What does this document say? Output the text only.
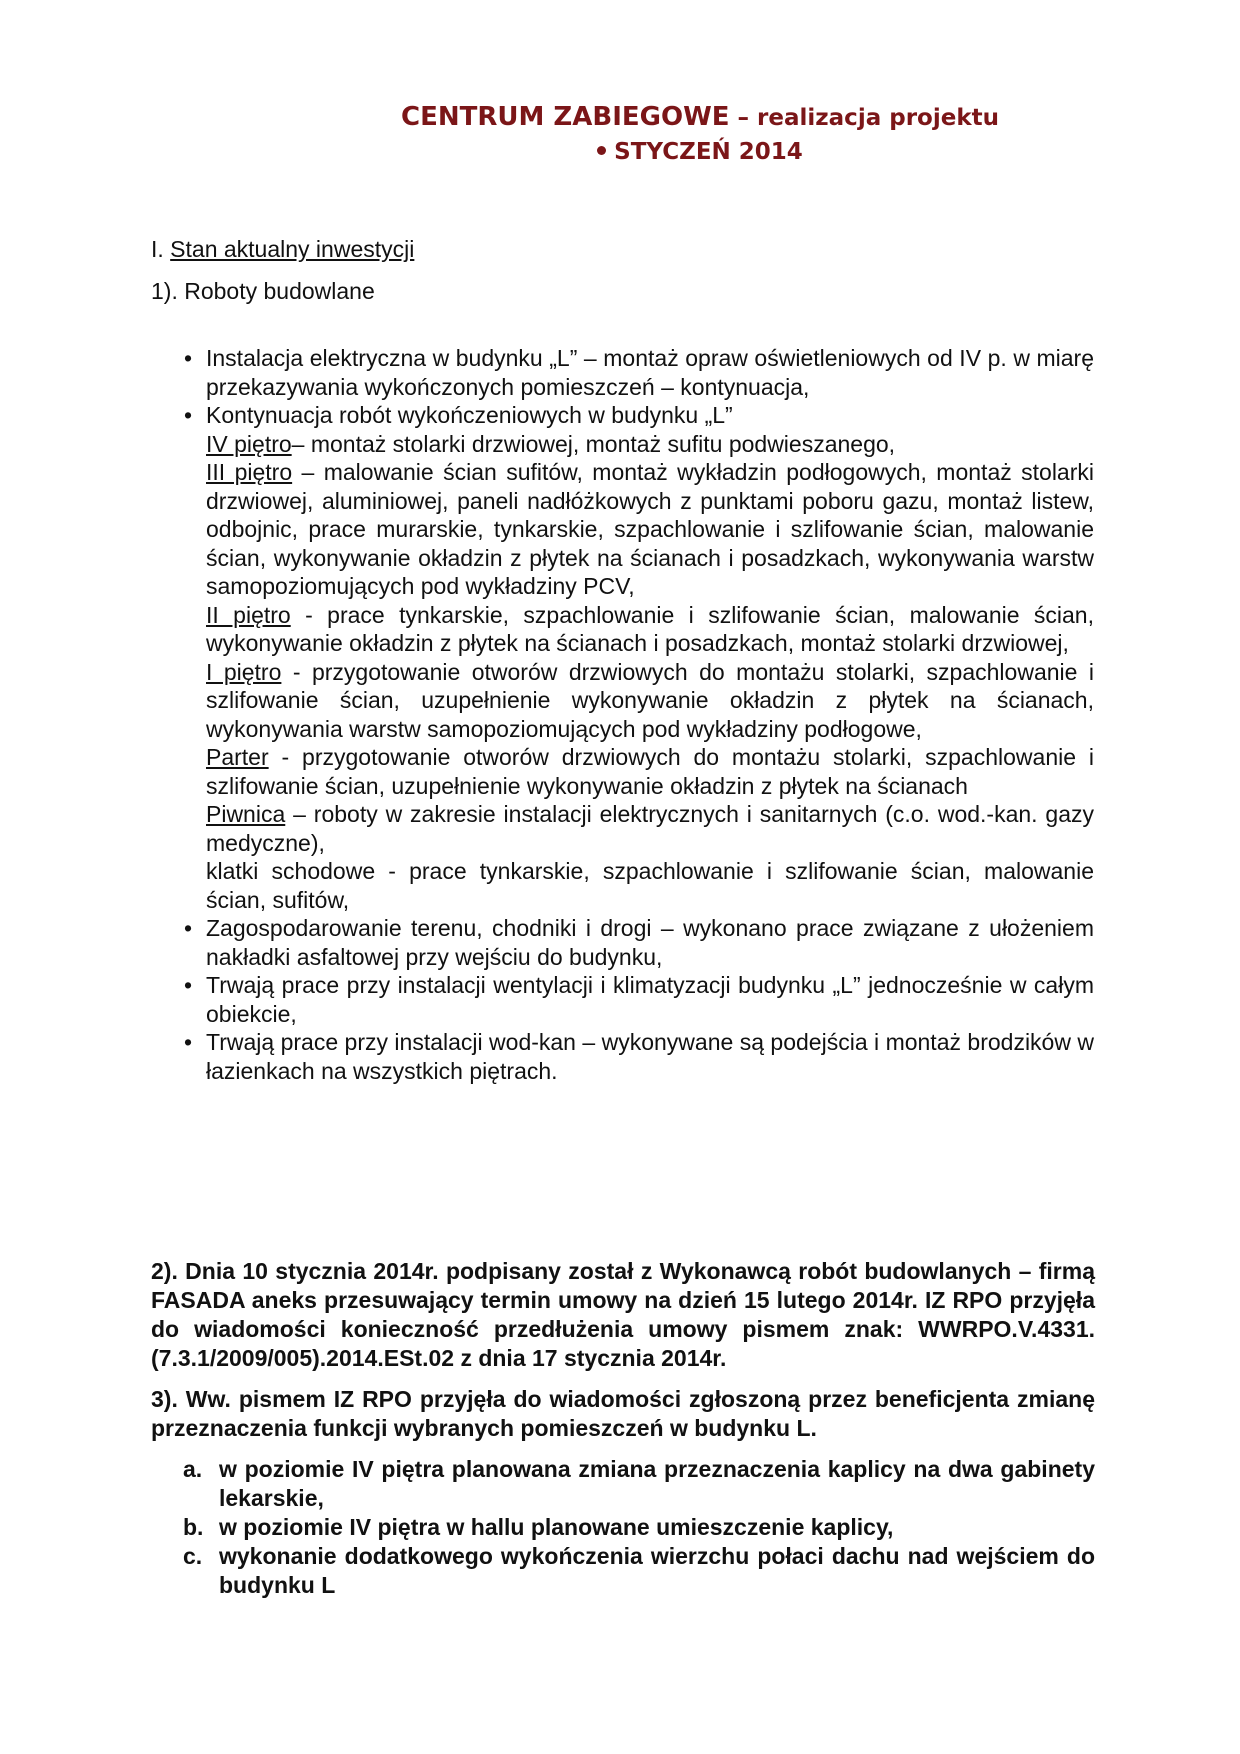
CENTRUM ZABIEGOWE – realizacja projektu
STYCZEŃ 2014
I. Stan aktualny inwestycji
1). Roboty budowlane
• Instalacja elektryczna w budynku „L” – montaż opraw oświetleniowych od IV p. w miarę przekazywania wykończonych pomieszczeń – kontynuacja,
• Kontynuacja robót wykończeniowych w budynku „L”
IV piętro– montaż stolarki drzwiowej, montaż sufitu podwieszanego,
III piętro – malowanie ścian sufitów, montaż wykładzin podłogowych, montaż stolarki drzwiowej, aluminiowej, paneli nadłóżkowych z punktami poboru gazu, montaż listew, odbojnic, prace murarskie, tynkarskie, szpachlowanie i szlifowanie ścian, malowanie ścian, wykonywanie okładzin z płytek na ścianach i posadzkach, wykonywania warstw samopoziomujących pod wykładziny PCV,
II piętro - prace tynkarskie, szpachlowanie i szlifowanie ścian, malowanie ścian, wykonywanie okładzin z płytek na ścianach i posadzkach, montaż stolarki drzwiowej,
I piętro - przygotowanie otworów drzwiowych do montażu stolarki, szpachlowanie i szlifowanie ścian, uzupełnienie wykonywanie okładzin z płytek na ścianach, wykonywania warstw samopoziomujących pod wykładziny podłogowe,
Parter - przygotowanie otworów drzwiowych do montażu stolarki, szpachlowanie i szlifowanie ścian, uzupełnienie wykonywanie okładzin z płytek na ścianach
Piwnica – roboty w zakresie instalacji elektrycznych i sanitarnych (c.o. wod.-kan. gazy medyczne),
klatki schodowe - prace tynkarskie, szpachlowanie i szlifowanie ścian, malowanie ścian, sufitów,
• Zagospodarowanie terenu, chodniki i drogi – wykonano prace związane z ułożeniem nakładki asfaltowej przy wejściu do budynku,
• Trwają prace przy instalacji wentylacji i klimatyzacji budynku „L” jednocześnie w całym obiekcie,
• Trwają prace przy instalacji wod-kan – wykonywane są podejścia i montaż brodzików w łazienkach na wszystkich piętrach.
2). Dnia 10 stycznia 2014r. podpisany został z Wykonawcą robót budowlanych – firmą FASADA aneks przesuwający termin umowy na dzień 15 lutego 2014r. IZ RPO przyjęła do wiadomości konieczność przedłużenia umowy pismem znak: WWRPO.V.4331.(7.3.1/2009/005).2014.ESt.02 z dnia 17 stycznia 2014r.
3). Ww. pismem IZ RPO przyjęła do wiadomości zgłoszoną przez beneficjenta zmianę przeznaczenia funkcji wybranych pomieszczeń w budynku L.
a. w poziomie IV piętra planowana zmiana przeznaczenia kaplicy na dwa gabinety lekarskie,
b. w poziomie IV piętra w hallu planowane umieszczenie kaplicy,
c. wykonanie dodatkowego wykończenia wierzchu połaci dachu nad wejściem do budynku L
